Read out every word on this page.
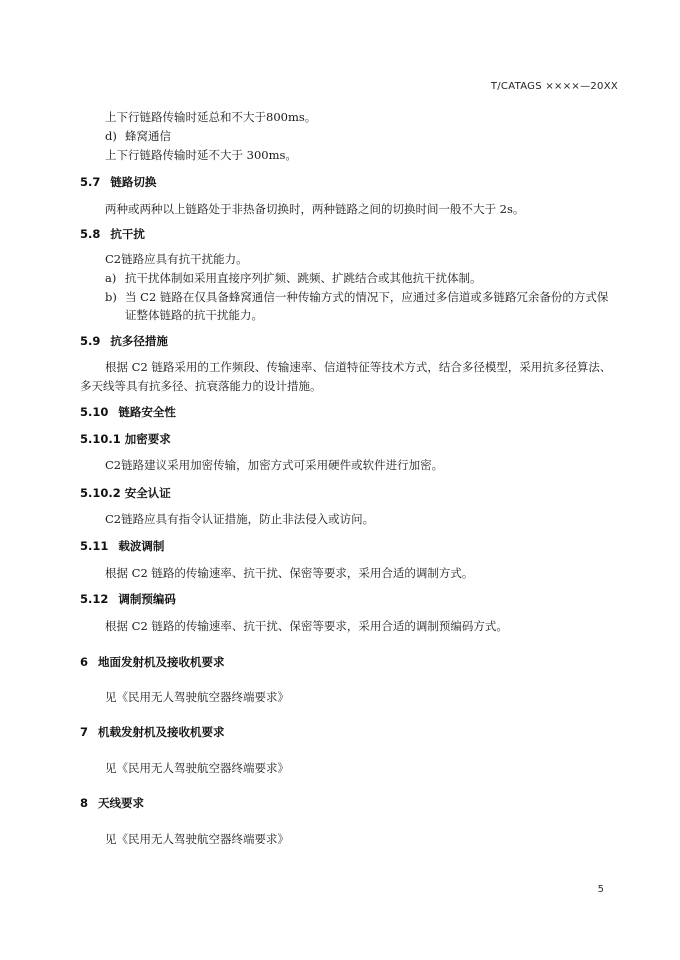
T/CATAGS ××××—20XX
上下行链路传输时延总和不大于800ms。
d) 蜂窝通信
上下行链路传输时延不大于 300ms。
5.7 链路切换
两种或两种以上链路处于非热备切换时，两种链路之间的切换时间一般不大于 2s。
5.8 抗干扰
C2链路应具有抗干扰能力。
a) 抗干扰体制如采用直接序列扩频、跳频、扩跳结合或其他抗干扰体制。
b) 当 C2 链路在仅具备蜂窝通信一种传输方式的情况下，应通过多信道或多链路冗余备份的方式保
证整体链路的抗干扰能力。
5.9 抗多径措施
根据 C2 链路采用的工作频段、传输速率、信道特征等技术方式，结合多径模型，采用抗多径算法、
多天线等具有抗多径、抗衰落能力的设计措施。
5.10 链路安全性
5.10.1 加密要求
C2链路建议采用加密传输，加密方式可采用硬件或软件进行加密。
5.10.2 安全认证
C2链路应具有指令认证措施，防止非法侵入或访问。
5.11 载波调制
根据 C2 链路的传输速率、抗干扰、保密等要求，采用合适的调制方式。
5.12 调制预编码
根据 C2 链路的传输速率、抗干扰、保密等要求，采用合适的调制预编码方式。
6 地面发射机及接收机要求
见《民用无人驾驶航空器终端要求》
7 机载发射机及接收机要求
见《民用无人驾驶航空器终端要求》
8 天线要求
见《民用无人驾驶航空器终端要求》
5
